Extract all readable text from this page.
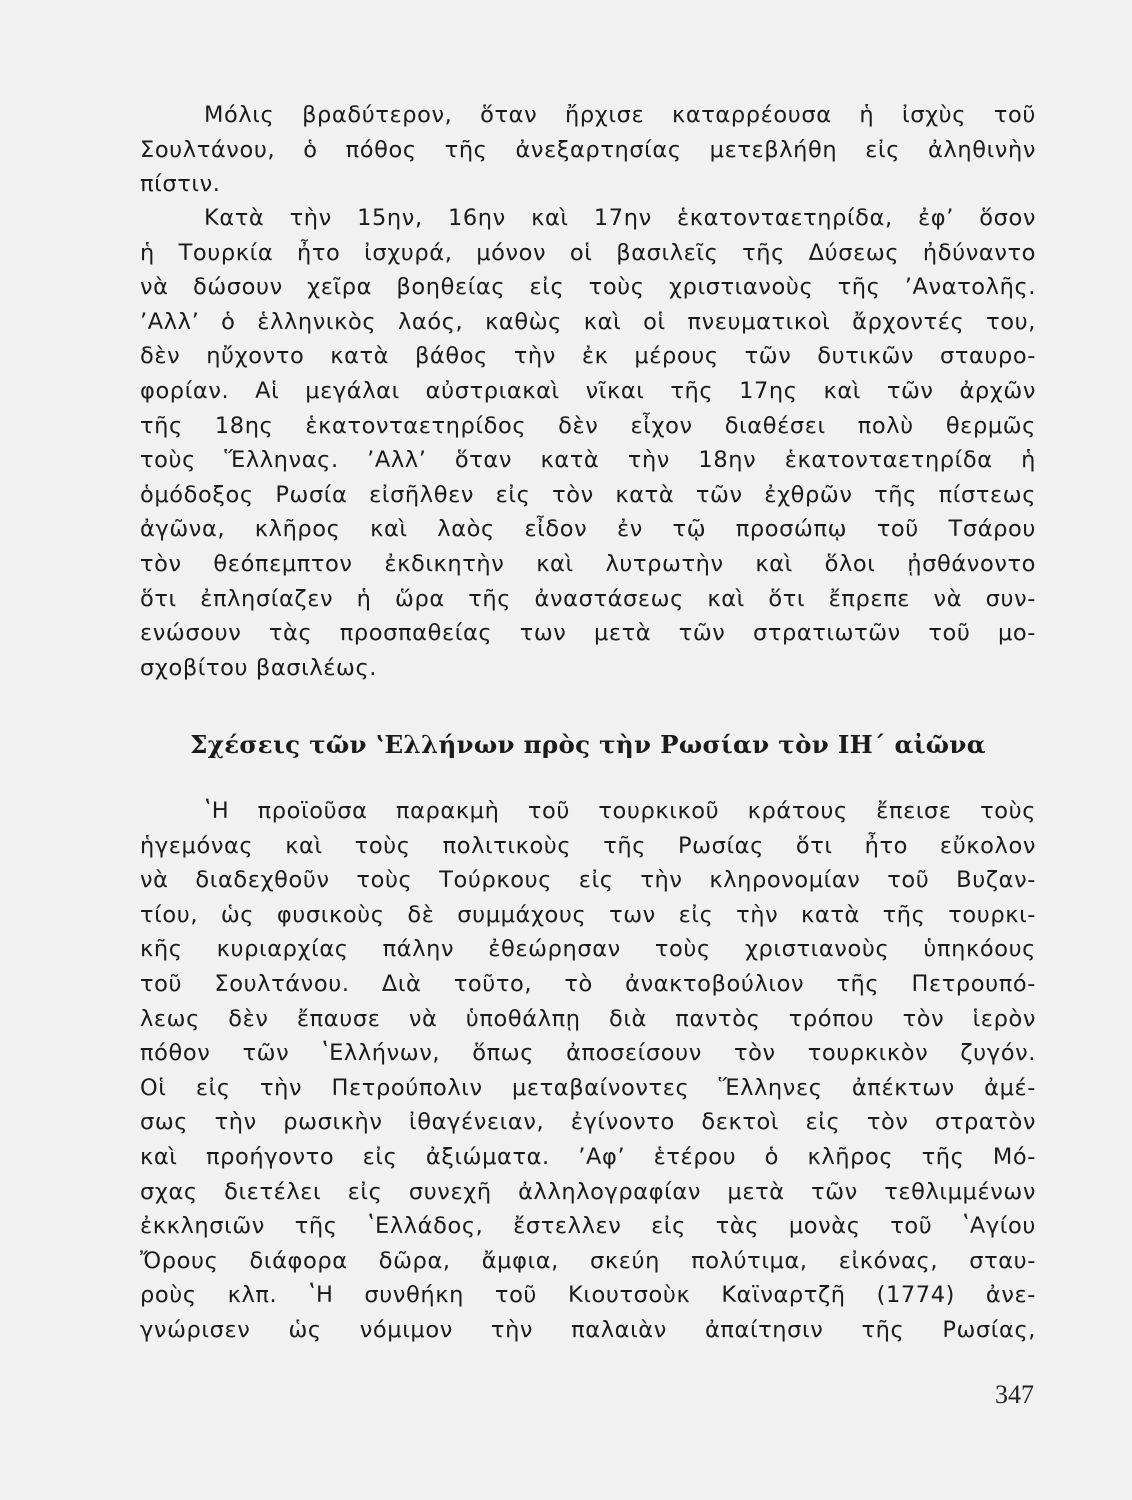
Μόλις βραδύτερον, ὅταν ἤρχισε καταρρέουσα ἡ ἰσχὺς τοῦ
Σουλτάνου, ὁ πόθος τῆς ἀνεξαρτησίας μετεβλήθη εἰς ἀληθινὴν
πίστιν.
Κατὰ τὴν 15ην, 16ην καὶ 17ην ἑκατονταετηρίδα, ἐφ’ ὅσον
ἡ Τουρκία ἦτο ἰσχυρά, μόνον οἱ βασιλεῖς τῆς Δύσεως ἠδύναντο
νὰ δώσουν χεῖρα βοηθείας εἰς τοὺς χριστιανοὺς τῆς ’Ανατολῆς.
’Αλλ’ ὁ ἑλληνικὸς λαός, καθὼς καὶ οἱ πνευματικοὶ ἄρχοντές του,
δὲν ηὔχοντο κατὰ βάθος τὴν ἐκ μέρους τῶν δυτικῶν σταυρο-
φορίαν. Αἱ μεγάλαι αὐστριακαὶ νῖκαι τῆς 17ης καὶ τῶν ἀρχῶν
τῆς 18ης ἑκατονταετηρίδος δὲν εἶχον διαθέσει πολὺ θερμῶς
τοὺς Ἕλληνας. ’Αλλ’ ὅταν κατὰ τὴν 18ην ἑκατονταετηρίδα ἡ
ὁμόδοξος Ρωσία εἰσῆλθεν εἰς τὸν κατὰ τῶν ἐχθρῶν τῆς πίστεως
ἀγῶνα, κλῆρος καὶ λαὸς εἶδον ἐν τῷ προσώπῳ τοῦ Τσάρου
τὸν θεόπεμπτον ἐκδικητὴν καὶ λυτρωτὴν καὶ ὅλοι ᾐσθάνοντο
ὅτι ἐπλησίαζεν ἡ ὥρα τῆς ἀναστάσεως καὶ ὅτι ἔπρεπε νὰ συν-
ενώσουν τὰς προσπαθείας των μετὰ τῶν στρατιωτῶν τοῦ μο-
σχοβίτου βασιλέως.
Σχέσεις τῶν ʽΕλλήνων πρὸς τὴν Ρωσίαν τὸν ΙΗ΄ αἰῶνα
ʽΗ προϊοῦσα παρακμὴ τοῦ τουρκικοῦ κράτους ἔπεισε τοὺς
ἡγεμόνας καὶ τοὺς πολιτικοὺς τῆς Ρωσίας ὅτι ἦτο εὔκολον
νὰ διαδεχθοῦν τοὺς Τούρκους εἰς τὴν κληρονομίαν τοῦ Βυζαν-
τίου, ὡς φυσικοὺς δὲ συμμάχους των εἰς τὴν κατὰ τῆς τουρκι-
κῆς κυριαρχίας πάλην ἐθεώρησαν τοὺς χριστιανοὺς ὑπηκόους
τοῦ Σουλτάνου. Διὰ τοῦτο, τὸ ἀνακτοβούλιον τῆς Πετρουπό-
λεως δὲν ἔπαυσε νὰ ὑποθάλπῃ διὰ παντὸς τρόπου τὸν ἱερὸν
πόθον τῶν ʽΕλλήνων, ὅπως ἀποσείσουν τὸν τουρκικὸν ζυγόν.
Οἱ εἰς τὴν Πετρούπολιν μεταβαίνοντες Ἕλληνες ἀπέκτων ἀμέ-
σως τὴν ρωσικὴν ἰθαγένειαν, ἐγίνοντο δεκτοὶ εἰς τὸν στρατὸν
καὶ προήγοντο εἰς ἀξιώματα. ’Αφ’ ἑτέρου ὁ κλῆρος τῆς Μό-
σχας διετέλει εἰς συνεχῆ ἀλληλογραφίαν μετὰ τῶν τεθλιμμένων
ἐκκλησιῶν τῆς ʽΕλλάδος, ἔστελλεν εἰς τὰς μονὰς τοῦ ʽΑγίου
Ὄρους διάφορα δῶρα, ἄμφια, σκεύη πολύτιμα, εἰκόνας, σταυ-
ροὺς κλπ. ʽΗ συνθήκη τοῦ Κιουτσοὺκ Καϊναρτζῆ (1774) ἀνε-
γνώρισεν ὡς νόμιμον τὴν παλαιὰν ἀπαίτησιν τῆς Ρωσίας,
347
